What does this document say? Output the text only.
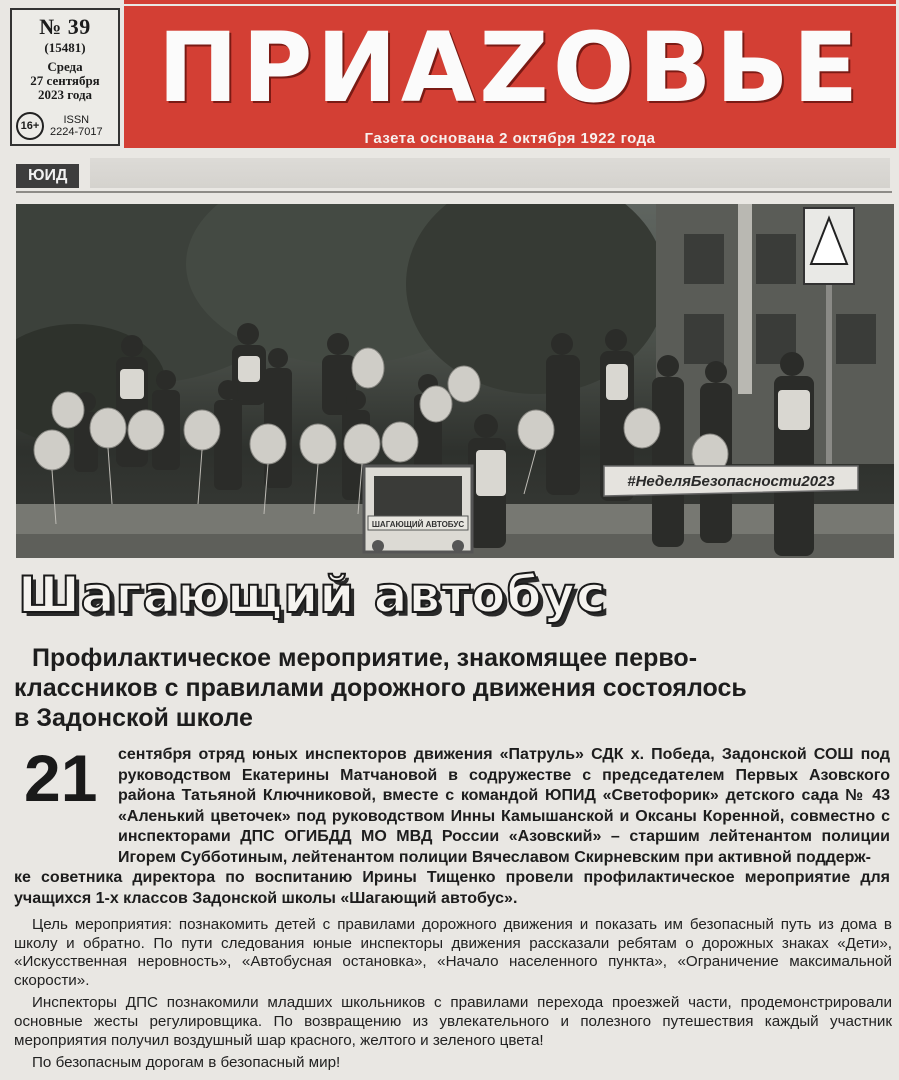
№ 39
(15481)
Среда
27 сентября
2023 года
16+	ISSN
2224-7017
ПРИАZОВЬЕ
Газета основана 2 октября 1922 года
ЮИД
ШАГАЮЩИЙ АВТОБУС
#НеделяБезопасности2023
Шагающий автобус
Профилактическое мероприятие, знакомящее перво-
классников с правилами дорожного движения состоялось
в Задонской школе
21 сентября отряд юных инспекторов движения «Патруль» СДК х. Победа, Задонской СОШ под руководством Екатерины Матчановой в содружестве с председателем Первых Азовского района Татьяной Ключниковой, вместе с командой ЮПИД «Светофорик» детского сада № 43 «Аленький цветочек» под руководством Инны Камышанской и Оксаны Коренной, совместно с инспекторами ДПС ОГИБДД МО МВД России «Азовский» – старшим лейтенантом полиции Игорем Субботиным, лейтенантом полиции Вячеславом Скирневским при активной поддерж-
ке советника директора по воспитанию Ирины Тищенко провели профилактическое мероприятие для учащихся 1-х классов Задонской школы «Шагающий автобус».

Цель мероприятия: познакомить детей с правилами дорожного движения и показать им безопасный путь из дома в школу и обратно. По пути следования юные инспекторы движения рассказали ребятам о дорожных знаках «Дети», «Искусственная неровность», «Автобусная остановка», «Начало населенного пункта», «Ограничение максимальной скорости».

Инспекторы ДПС познакомили младших школьников с правилами перехода проезжей части, продемонстрировали основные жесты регулировщика. По возвращению из увлекательного и полезного путешествия каждый участник мероприятия получил воздушный шар красного, желтого и зеленого цвета!

По безопасным дорогам в безопасный мир!
